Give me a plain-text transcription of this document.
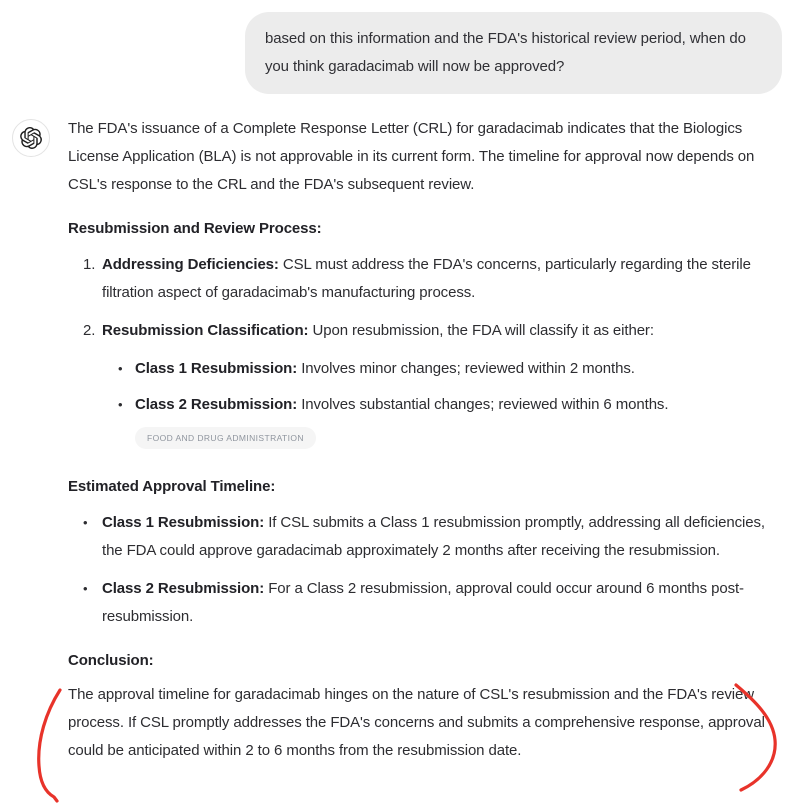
based on this information and the FDA's historical review period, when do you think garadacimab will now be approved?

The FDA's issuance of a Complete Response Letter (CRL) for garadacimab indicates that the Biologics License Application (BLA) is not approvable in its current form. The timeline for approval now depends on CSL's response to the CRL and the FDA's subsequent review.

Resubmission and Review Process:
1. Addressing Deficiencies: CSL must address the FDA's concerns, particularly regarding the sterile filtration aspect of garadacimab's manufacturing process.
2. Resubmission Classification: Upon resubmission, the FDA will classify it as either:
• Class 1 Resubmission: Involves minor changes; reviewed within 2 months.
• Class 2 Resubmission: Involves substantial changes; reviewed within 6 months.
FOOD AND DRUG ADMINISTRATION
Estimated Approval Timeline:
• Class 1 Resubmission: If CSL submits a Class 1 resubmission promptly, addressing all deficiencies, the FDA could approve garadacimab approximately 2 months after receiving the resubmission.
• Class 2 Resubmission: For a Class 2 resubmission, approval could occur around 6 months post-resubmission.
Conclusion:

The approval timeline for garadacimab hinges on the nature of CSL's resubmission and the FDA's review process. If CSL promptly addresses the FDA's concerns and submits a comprehensive response, approval could be anticipated within 2 to 6 months from the resubmission date.
